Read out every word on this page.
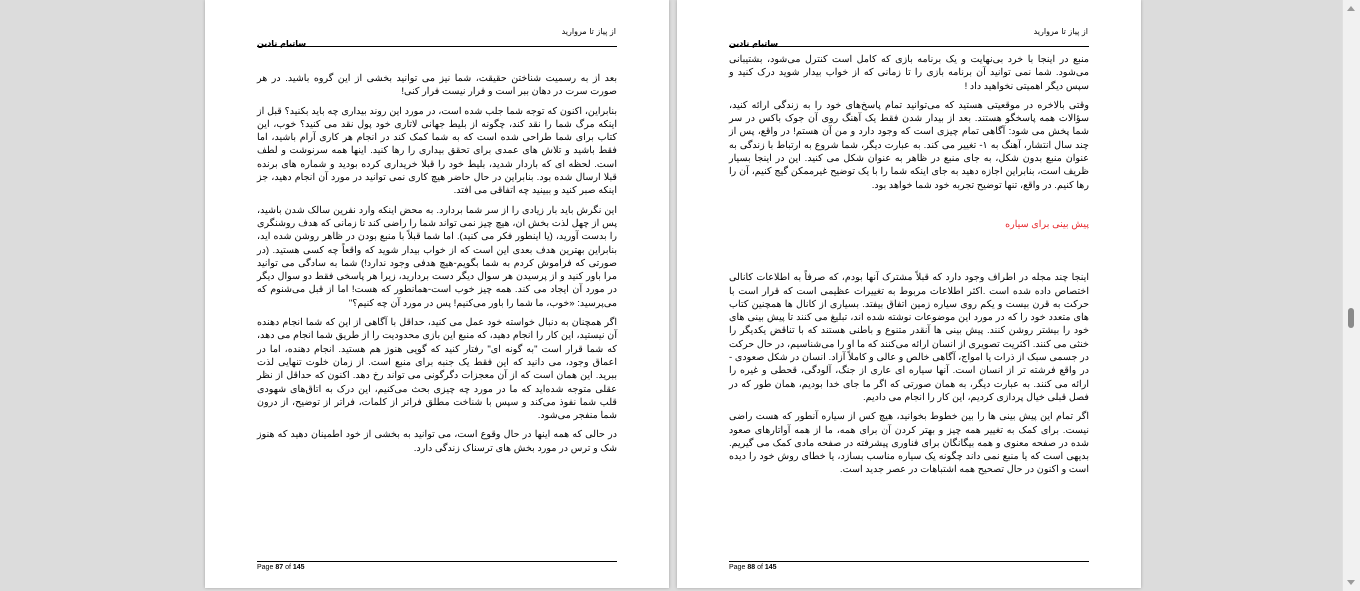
از پیاز تا مروارید
ساتیام نادین

بعد از به رسمیت شناختن حقیقت، شما نیز می توانید بخشی از این گروه باشید. در هر صورت سرت در دهان ببر است و فرار نیست فرار کنی!

بنابراین، اکنون که توجه شما جلب شده است، در مورد این روند بیداری چه باید بکنید؟ قبل از اینکه مرگ شما را نقد کند، چگونه از بلیط جهانی لاتاری خود پول نقد می کنید؟ خوب، این کتاب برای شما طراحی شده است که به شما کمک کند در انجام هر کاری آرام باشید، اما فقط باشید و تلاش های عمدی برای تحقق بیداری را رها کنید. اینها همه سرنوشت و لطف است. لحظه ای که باردار شدید، بلیط خود را قبلا خریداری کرده بودید و شماره های برنده قبلا ارسال شده بود. بنابراین در حال حاضر هیچ کاری نمی توانید در مورد آن انجام دهید، جز اینکه صبر کنید و ببینید چه اتفاقی می افتد.

این نگرش باید بار زیادی را از سر شما بردارد. به محض اینکه وارد نفرین سالک شدن باشید، پس از چهل لذت بخش ان، هیچ چیز نمی تواند شما را راضی کند تا زمانی که هدف روشنگری را بدست آورید، (یا اینطور فکر می کنید). اما شما قبلاً با منبع بودن در ظاهر روشن شده اید، بنابراین بهترین هدف بعدی این است که از خواب بیدار شوید که واقعاً چه کسی هستید. (در صورتی که فراموش کردم به شما بگویم-هیچ هدفی وجود ندارد!) شما به سادگی می توانید مرا باور کنید و از پرسیدن هر سوال دیگر دست بردارید، زیرا هر پاسخی فقط دو سوال دیگر در مورد آن ایجاد می کند. همه چیز خوب است-همانطور که هست! اما از قبل می‌شنوم که می‌پرسید: «خوب، ما شما را باور می‌کنیم! پس در مورد آن چه کنیم؟"

اگر همچنان به دنبال خواسته خود عمل می کنید، حداقل با آگاهی از این که شما انجام دهنده آن نیستید، این کار را انجام دهید، که منبع این بازی محدودیت را از طریق شما انجام می دهد، که شما قرار است "به گونه ای" رفتار کنید که گویی هنوز هم هستید. انجام دهنده، اما در اعماق وجود، می دانید که این فقط یک جنبه برای منبع است. از زمان خلوت تنهایی لذت ببرید. این همان است که از آن معجزات دگرگونی می تواند رخ دهد. اکنون که حداقل از نظر عقلی متوجه شده‌اید که ما در مورد چه چیزی بحث می‌کنیم، این درک به اتاق‌های شهودی قلب شما نفوذ می‌کند و سپس با شناخت مطلق فراتر از کلمات، فراتر از توضیح، از درون شما منفجر می‌شود.

در حالی که همه اینها در حال وقوع است، می توانید به بخشی از خود اطمینان دهید که هنوز شک و ترس در مورد بخش های ترسناک زندگی دارد.

Page 87 of 145
از پیاز تا مروارید
ساتیام نادین

منبع در اینجا با خرد بی‌نهایت و یک برنامه بازی که کامل است کنترل می‌شود، بشتیبانی می‌شود. شما نمی توانید آن برنامه بازی را تا زمانی که از خواب بیدار شوید درک کنید و سپس دیگر اهمیتی نخواهید داد !

وقتی بالاخره در موقعیتی هستید که می‌توانید تمام پاسخ‌های خود را به زندگی ارائه کنید، سؤالات همه پاسخگو هستند. بعد از بیدار شدن فقط یک آهنگ روی آن جوک باکس در سر شما پخش می شود: آگاهی تمام چیزی است که وجود دارد و من آن هستم! در واقع، پس از چند سال انتشار، آهنگ به ۱- تغییر می کند. به عبارت دیگر، شما شروع به ارتباط با زندگی به عنوان منبع بدون شکل، به جای منبع در ظاهر به عنوان شکل می کنید. این در اینجا بسیار ظریف است، بنابراین اجازه دهید به جای اینکه شما را با یک توضیح غیرممکن گیج کنیم، آن را رها کنیم. در واقع، تنها توضیح تجربه خود شما خواهد بود.

پیش بینی برای سیاره

اینجا چند مجله در اطراف وجود دارد که قبلاً مشترک آنها بودم، که صرفاً به اطلاعات کانالی اختصاص داده شده است .اکثر اطلاعات مربوط به تغییرات عظیمی است که قرار است با حرکت به قرن بیست و یکم روی سیاره زمین اتفاق بیفتد. بسیاری از کانال ها همچنین کتاب های متعدد خود را که در مورد این موضوعات نوشته شده اند، تبلیغ می کنند تا پیش بینی های خود را بیشتر روشن کنند. پیش بینی ها آنقدر متنوع و باطنی هستند که با تناقض یکدیگر را خنثی می کنند. اکثریت تصویری از انسان ارائه می‌کنند که ما او را می‌شناسیم، در حال حرکت در جسمی سبک از ذرات یا امواج، آگاهی خالص و عالی و کاملاً آزاد. انسان در شکل صعودی - در واقع فرشته تر از انسان است. آنها سیاره ای عاری از جنگ، آلودگی، قحطی و غیره را ارائه می کنند. به عبارت دیگر، به همان صورتی که اگر ما جای خدا بودیم، همان طور که در فصل قبلی خیال پردازی کردیم، این کار را انجام می دادیم.

اگر تمام این پیش بینی ها را بین خطوط بخوانید، هیچ کس از سیاره آنطور که هست راضی نیست. برای کمک به تغییر همه چیز و بهتر کردن آن برای همه، ما از همه آواتارهای صعود شده در صفحه معنوی و همه بیگانگان برای فناوری پیشرفته در صفحه مادی کمک می گیریم. بدیهی است که یا منبع نمی داند چگونه یک سیاره مناسب بسازد، یا خطای روش خود را دیده است و اکنون در حال تصحیح همه اشتباهات در عصر جدید است.

Page 88 of 145
